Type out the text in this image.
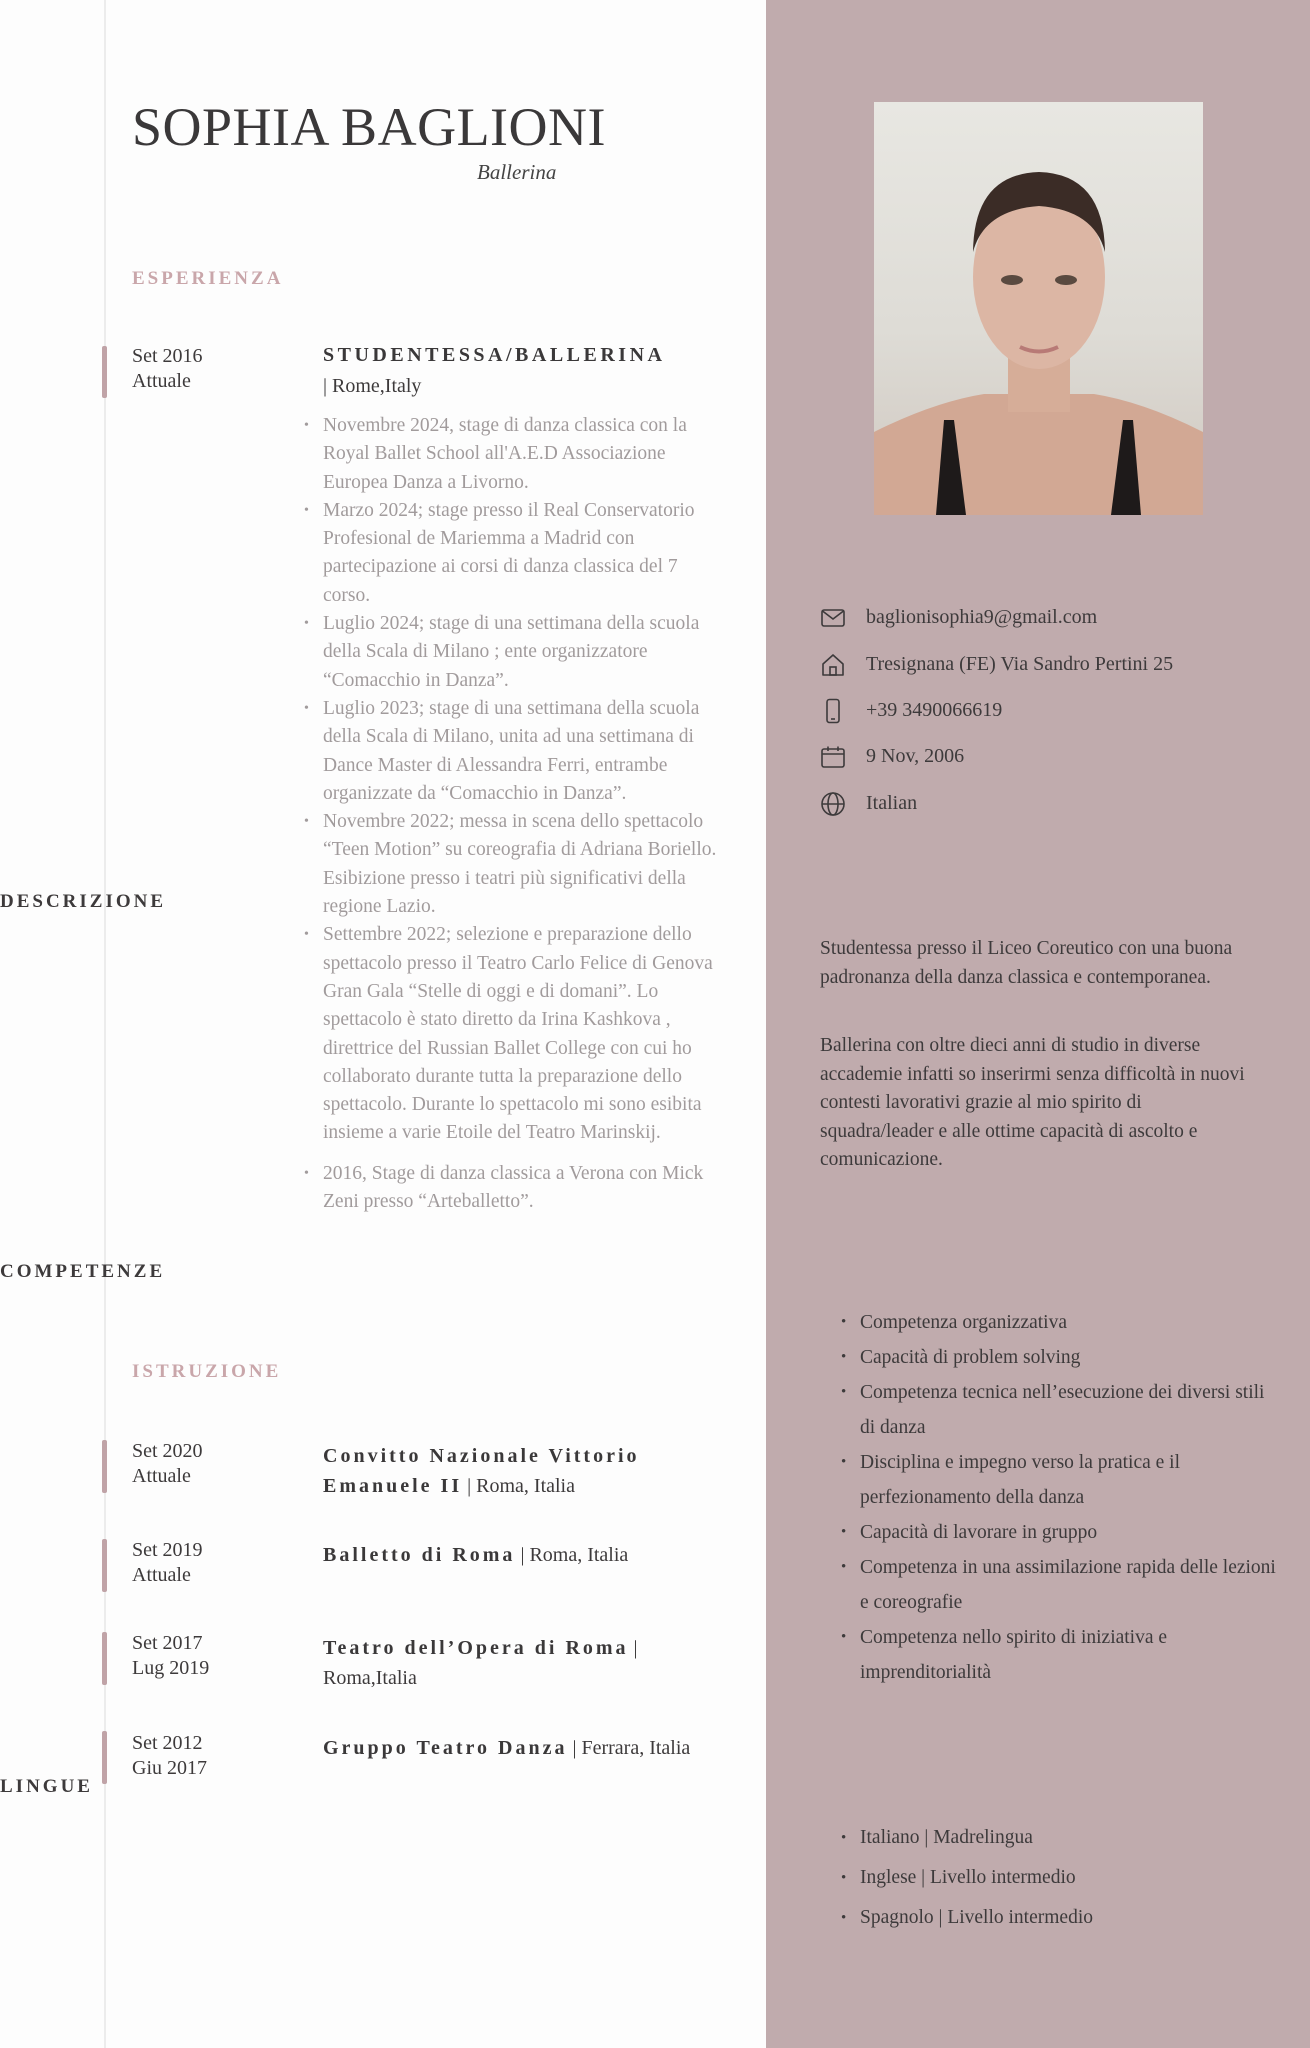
SOPHIA BAGLIONI
Ballerina
ESPERIENZA
Set 2016
Attuale
STUDENTESSA/BALLERINA
| Rome,Italy
• Novembre 2024, stage di danza classica con la Royal Ballet School all'A.E.D Associazione Europea Danza a Livorno.
• Marzo 2024; stage presso il Real Conservatorio Profesional de Mariemma a Madrid con partecipazione ai corsi di danza classica del 7 corso.
• Luglio 2024; stage di una settimana della scuola della Scala di Milano ; ente organizzatore “Comacchio in Danza”.
• Luglio 2023; stage di una settimana della scuola della Scala di Milano, unita ad una settimana di Dance Master di Alessandra Ferri, entrambe organizzate da “Comacchio in Danza”.
• Novembre 2022; messa in scena dello spettacolo “Teen Motion” su coreografia di Adriana Boriello. Esibizione presso i teatri più significativi della regione Lazio.
• Settembre 2022; selezione e preparazione dello spettacolo presso il Teatro Carlo Felice di Genova Gran Gala “Stelle di oggi e di domani”. Lo spettacolo è stato diretto da Irina Kashkova , direttrice del Russian Ballet College con cui ho collaborato durante tutta la preparazione dello spettacolo. Durante lo spettacolo mi sono esibita insieme a varie Etoile del Teatro Marinskij.
• 2016, Stage di danza classica a Verona con Mick Zeni presso “Arteballetto”.
ISTRUZIONE
Set 2020
Attuale
Convitto Nazionale Vittorio Emanuele II | Roma, Italia
Set 2019
Attuale
Balletto di Roma | Roma, Italia
Set 2017
Lug 2019
Teatro dell’Opera di Roma | Roma,Italia
Set 2012
Giu 2017
Gruppo Teatro Danza | Ferrara, Italia
baglionisophia9@gmail.com
Tresignana (FE) Via Sandro Pertini 25
+39 3490066619
9 Nov, 2006
Italian
DESCRIZIONE

Studentessa presso il Liceo Coreutico con una buona padronanza della danza classica e contemporanea.

Ballerina con oltre dieci anni di studio in diverse accademie infatti so inserirmi senza difficoltà in nuovi contesti lavorativi grazie al mio spirito di squadra/leader e alle ottime capacità di ascolto e comunicazione.

COMPETENZE
• Competenza organizzativa
• Capacità di problem solving
• Competenza tecnica nell’esecuzione dei diversi stili di danza
• Disciplina e impegno verso la pratica e il perfezionamento della danza
• Capacità di lavorare in gruppo
• Competenza in una assimilazione rapida delle lezioni e coreografie
• Competenza nello spirito di iniziativa e imprenditorialità
LINGUE
• Italiano | Madrelingua
• Inglese | Livello intermedio
• Spagnolo | Livello intermedio
